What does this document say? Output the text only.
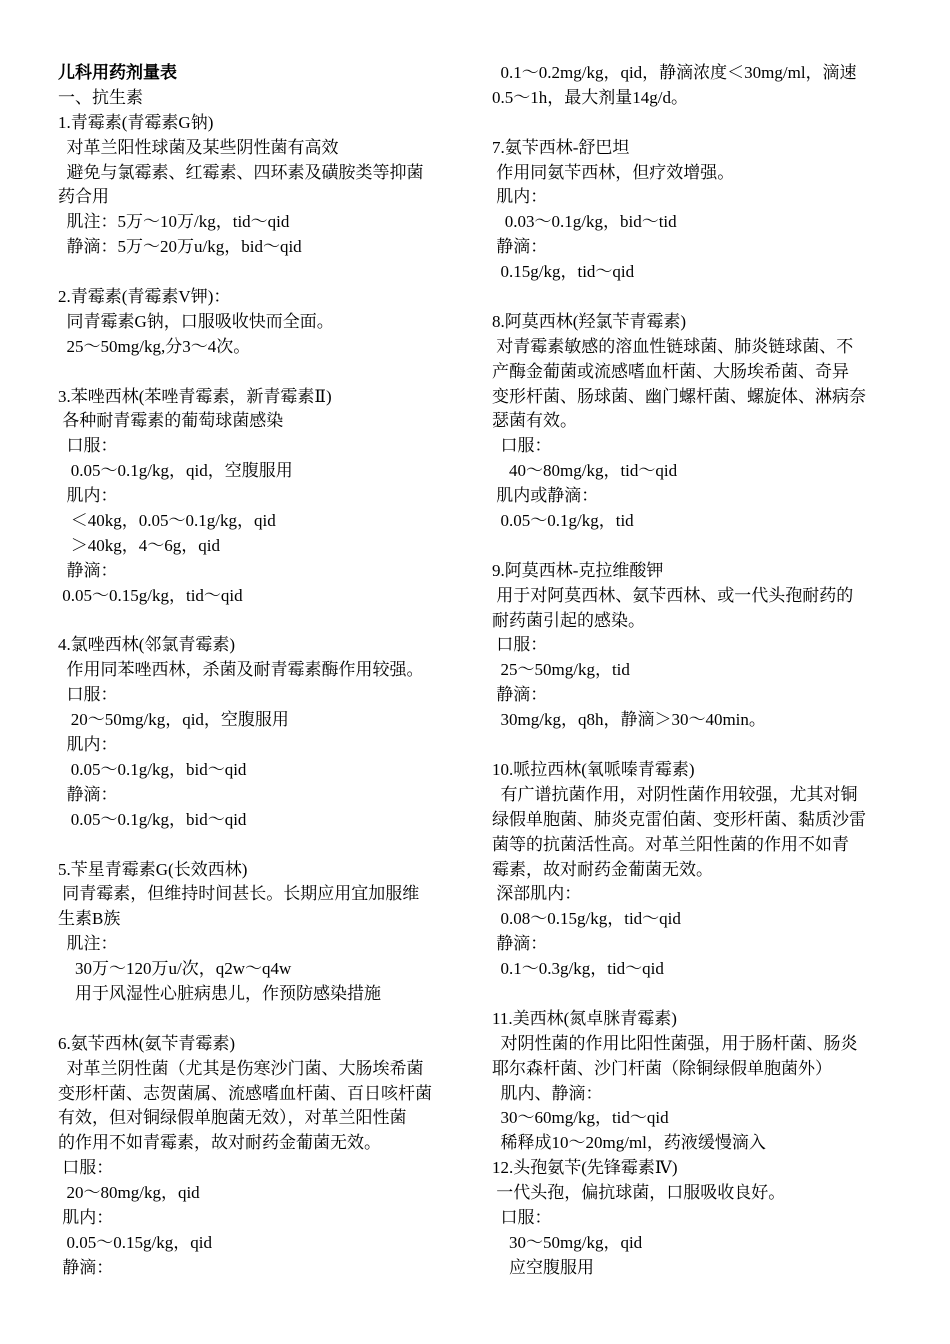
儿科用药剂量表
一、抗生素
1.青霉素(青霉素G钠)
对革兰阳性球菌及某些阴性菌有高效
避免与氯霉素、红霉素、四环素及磺胺类等抑菌
药合用
肌注：5万～10万/kg，tid～qid
静滴：5万～20万u/kg，bid～qid
2.青霉素(青霉素V钾)：
同青霉素G钠，口服吸收快而全面。
25～50mg/kg,分3～4次。
3.苯唑西林(苯唑青霉素，新青霉素Ⅱ)
各种耐青霉素的葡萄球菌感染
口服：
0.05～0.1g/kg，qid，空腹服用
肌内：
＜40kg，0.05～0.1g/kg，qid
＞40kg，4～6g，qid
静滴：
0.05～0.15g/kg，tid～qid
4.氯唑西林(邻氯青霉素)
作用同苯唑西林，杀菌及耐青霉素酶作用较强。
口服：
20～50mg/kg，qid，空腹服用
肌内：
0.05～0.1g/kg，bid～qid
静滴：
0.05～0.1g/kg，bid～qid
5.苄星青霉素G(长效西林)
同青霉素，但维持时间甚长。长期应用宜加服维
生素B族
肌注：
30万～120万u/次，q2w～q4w
用于风湿性心脏病患儿，作预防感染措施
6.氨苄西林(氨苄青霉素)
对革兰阴性菌（尤其是伤寒沙门菌、大肠埃希菌
变形杆菌、志贺菌属、流感嗜血杆菌、百日咳杆菌
有效，但对铜绿假单胞菌无效），对革兰阳性菌
的作用不如青霉素，故对耐药金葡菌无效。
口服：
20～80mg/kg，qid
肌内：
0.05～0.15g/kg，qid
静滴：
0.1～0.2mg/kg，qid，静滴浓度＜30mg/ml，滴速
0.5～1h，最大剂量14g/d。
7.氨苄西林-舒巴坦
作用同氨苄西林，但疗效增强。
肌内：
0.03～0.1g/kg，bid～tid
静滴：
0.15g/kg，tid～qid
8.阿莫西林(羟氯苄青霉素)
对青霉素敏感的溶血性链球菌、肺炎链球菌、不
产酶金葡菌或流感嗜血杆菌、大肠埃希菌、奇异
变形杆菌、肠球菌、幽门螺杆菌、螺旋体、淋病奈
瑟菌有效。
口服：
40～80mg/kg，tid～qid
肌内或静滴：
0.05～0.1g/kg，tid
9.阿莫西林-克拉维酸钾
用于对阿莫西林、氨苄西林、或一代头孢耐药的
耐药菌引起的感染。
口服：
25～50mg/kg，tid
静滴：
30mg/kg，q8h，静滴＞30～40min。
10.哌拉西林(氧哌嗪青霉素)
有广谱抗菌作用，对阴性菌作用较强，尤其对铜
绿假单胞菌、肺炎克雷伯菌、变形杆菌、黏质沙雷
菌等的抗菌活性高。对革兰阳性菌的作用不如青
霉素，故对耐药金葡菌无效。
深部肌内：
0.08～0.15g/kg，tid～qid
静滴：
0.1～0.3g/kg，tid～qid
11.美西林(氮卓脒青霉素)
对阴性菌的作用比阳性菌强，用于肠杆菌、肠炎
耶尔森杆菌、沙门杆菌（除铜绿假单胞菌外）
肌内、静滴：
30～60mg/kg，tid～qid
稀释成10～20mg/ml，药液缓慢滴入
12.头孢氨苄(先锋霉素Ⅳ)
一代头孢，偏抗球菌，口服吸收良好。
口服：
30～50mg/kg，qid
应空腹服用
